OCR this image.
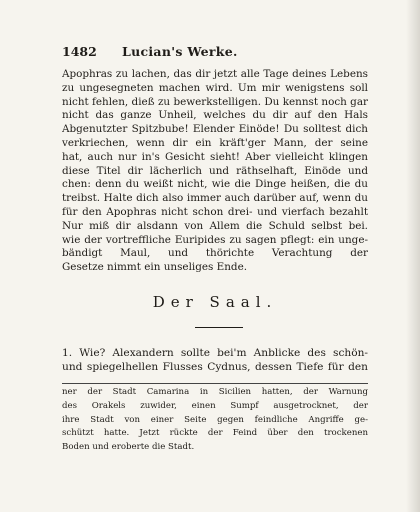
1482 Lucian's Werke.
Apophras zu lachen, das dir jetzt alle Tage deines Lebens
zu ungesegneten machen wird. Um mir wenigstens soll
nicht fehlen, dieß zu bewerkstelligen. Du kennst noch gar
nicht das ganze Unheil, welches du dir auf den Hals
Abgenutzter Spitzbube! Elender Einöde! Du solltest dich
verkriechen, wenn dir ein kräft'ger Mann, der seine
hat, auch nur in's Gesicht sieht! Aber vielleicht klingen
diese Titel dir lächerlich und räthselhaft, Einöde und
chen: denn du weißt nicht, wie die Dinge heißen, die du
treibst. Halte dich also immer auch darüber auf, wenn du
für den Apophras nicht schon drei- und vierfach bezahlt
Nur miß dir alsdann von Allem die Schuld selbst bei.
wie der vortreffliche Euripides zu sagen pflegt: ein unge-
bändigt Maul, und thörichte Verachtung der
Gesetze nimmt ein unseliges Ende.
Der Saal.
1. Wie? Alexandern sollte bei'm Anblicke des schön-
und spiegelhellen Flusses Cydnus, dessen Tiefe für den
ner der Stadt Camarina in Sicilien hatten, der Warnung
des Orakels zuwider, einen Sumpf ausgetrocknet, der
ihre Stadt von einer Seite gegen feindliche Angriffe ge-
schützt hatte. Jetzt rückte der Feind über den trockenen
Boden und eroberte die Stadt.
